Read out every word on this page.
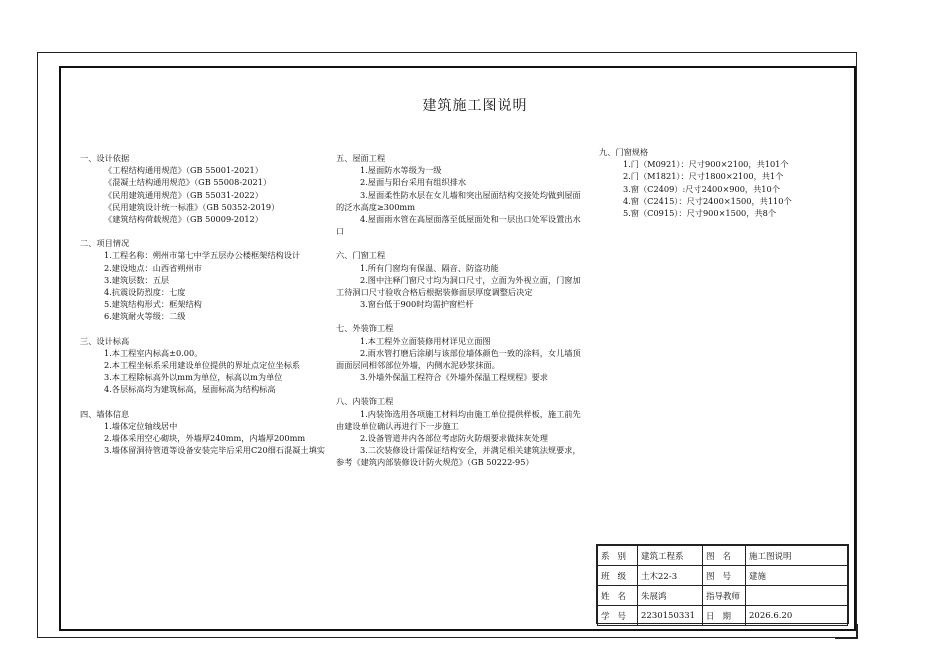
建筑施工图说明
一、设计依据
《工程结构通用规范》（GB 55001-2021）
《混凝土结构通用规范》（GB 55008-2021）
《民用建筑通用规范》（GB 55031-2022）
《民用建筑设计统一标准》（GB 50352-2019）
《建筑结构荷载规范》（GB 50009-2012）
二、项目情况
1.工程名称：朔州市第七中学五层办公楼框架结构设计
2.建设地点：山西省朔州市
3.建筑层数：五层
4.抗震设防烈度：七度
5.建筑结构形式：框架结构
6.建筑耐火等级：二级
三、设计标高
1.本工程室内标高±0.00。
2.本工程坐标系采用建设单位提供的界址点定位坐标系
3.本工程除标高外以mm为单位，标高以m为单位
4.各层标高均为建筑标高，屋面标高为结构标高
四、墙体信息
1.墙体定位轴线居中
2.墙体采用空心砌块，外墙厚240mm，内墙厚200mm
3.墙体留洞待管道等设备安装完毕后采用C20细石混凝土填实
五、屋面工程
1.屋面防水等级为一级
2.屋面与阳台采用有组织排水
3.屋面柔性防水层在女儿墙和突出屋面结构交接处均做到屋面的泛水高度≥300mm
4.屋面雨水管在高屋面落至低屋面处和一层出口处军设置出水口
六、门窗工程
1.所有门窗均有保温、隔音、防盗功能
2.图中注释门窗尺寸均为洞口尺寸，立面为外视立面，门窗加工待洞口尺寸验收合格后根据装修面层厚度调整后决定
3.窗台低于900时均需护窗栏杆
七、外装饰工程
1.本工程外立面装修用材详见立面图
2.雨水管打磨后涂刷与该部位墙体颜色一致的涂料，女儿墙顶面面层同相邻部位外墙，内侧水泥砂浆抹面。
3.外墙外保温工程符合《外墙外保温工程规程》要求
八、内装饰工程
1.内装饰选用各项施工材料均由施工单位提供样板，施工前先由建设单位确认再进行下一步施工
2.设备管道井内各部位考虑防火防烟要求做抹灰处理
3.二次装修设计需保证结构安全，并满足相关建筑法规要求，参考《建筑内部装修设计防火规范》（GB 50222-95）
九、门窗规格
1.门（M0921）：尺寸900×2100，共101个
2.门（M1821）：尺寸1800×2100，共1个
3.窗（C2409）:尺寸2400×900，共10个
4.窗（C2415）：尺寸2400×1500，共110个
5.窗（C0915）：尺寸900×1500，共8个
系别	建筑工程系	图名	施工图说明
班级	土木22-3	图号	建施
姓名	朱展鸿	指导教师	
学号	2230150331	日期	2026.6.20
